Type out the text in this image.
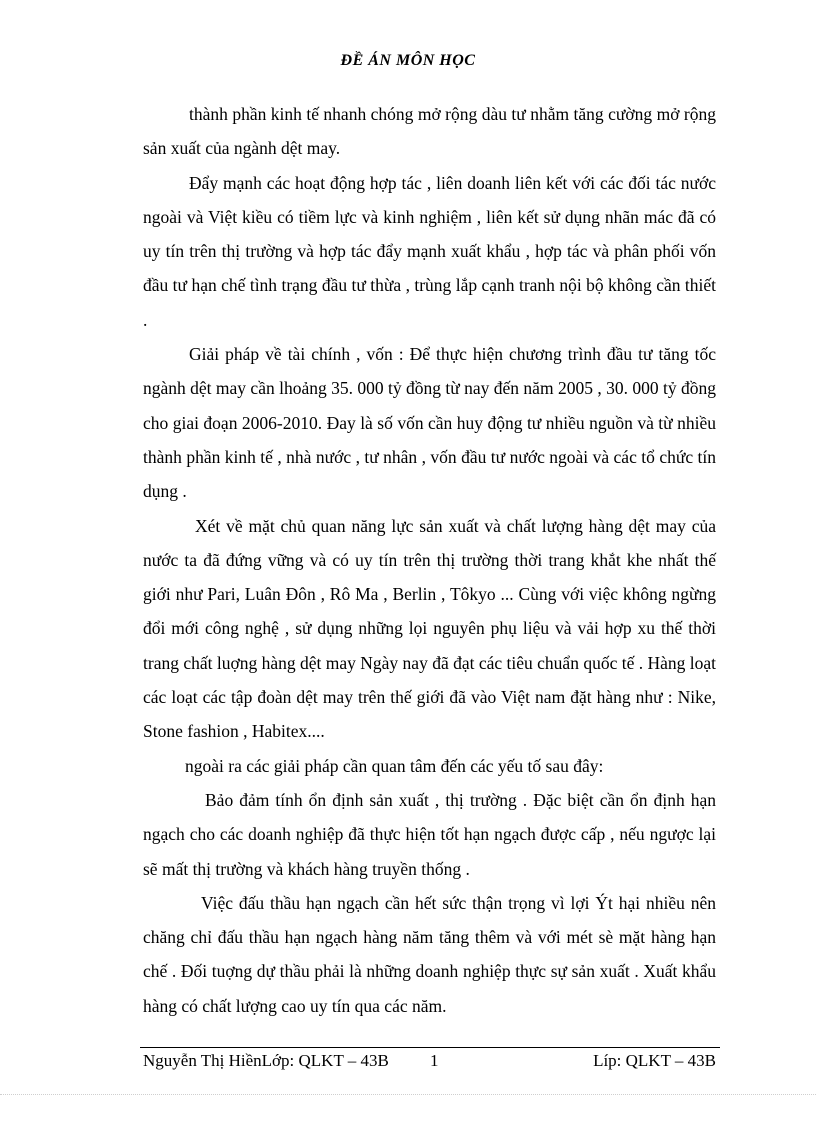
ĐỀ ÁN MÔN HỌC

thành phần kinh tế nhanh chóng mở rộng dàu tư nhằm tăng cường mở rộng sản xuất của ngành dệt may.

Đẩy mạnh các hoạt động hợp tác , liên doanh liên kết với các đối tác nước ngoài và Việt kiều có tiềm lực và kinh nghiệm , liên kết sử dụng nhãn mác đã có uy tín trên thị trường và hợp tác đẩy mạnh xuất khẩu , hợp tác và phân phối vốn đầu tư hạn chế tình trạng đầu tư thừa , trùng lắp cạnh tranh nội bộ không cần thiết .

Giải pháp về tài chính , vốn : Để thực hiện chương trình đầu tư tăng tốc ngành dệt may cần lhoảng 35. 000 tỷ đồng từ nay đến năm 2005 , 30. 000 tỷ đồng cho giai đoạn 2006-2010. Đay là số vốn cần huy động tư nhiều nguồn và từ nhiều thành phần kinh tế , nhà nước , tư nhân , vốn đầu tư nước ngoài và các tổ chức tín dụng .

Xét về mặt chủ quan năng lực sản xuất và chất lượng hàng dệt may của nước ta đã đứng vững và có uy tín trên thị trường thời trang khắt khe nhất thế giới như Pari, Luân Đôn , Rô Ma , Berlin , Tôkyo ... Cùng với việc không ngừng đổi mới công nghệ , sử dụng những lọi nguyên phụ liệu và vải hợp xu thế thời trang chất luợng hàng dệt may Ngày nay đã đạt các tiêu chuẩn quốc tế . Hàng loạt các loạt các tập đoàn dệt may trên thế giới đã vào Việt nam đặt hàng như : Nike, Stone fashion , Habitex....

ngoài ra các giải pháp cần quan tâm đến các yếu tố sau đây:

Bảo đảm tính ổn định sản xuất , thị trường . Đặc biệt cần ổn định hạn ngạch cho các doanh nghiệp đã thực hiện tốt hạn ngạch được cấp , nếu ngược lại sẽ mất thị trường và khách hàng truyền thống .

Việc đấu thầu hạn ngạch cần hết sức thận trọng vì lợi Ýt hại nhiều nên chăng chỉ đấu thầu hạn ngạch hàng năm tăng thêm và với mét sè mặt hàng hạn chế . Đối tuợng dự thầu phải là những doanh nghiệp thực sự sản xuất . Xuất khẩu hàng có chất lượng cao uy tín qua các năm.

Nguyễn Thị HiềnLớp: QLKT – 43B 1	Líp: QLKT – 43B
